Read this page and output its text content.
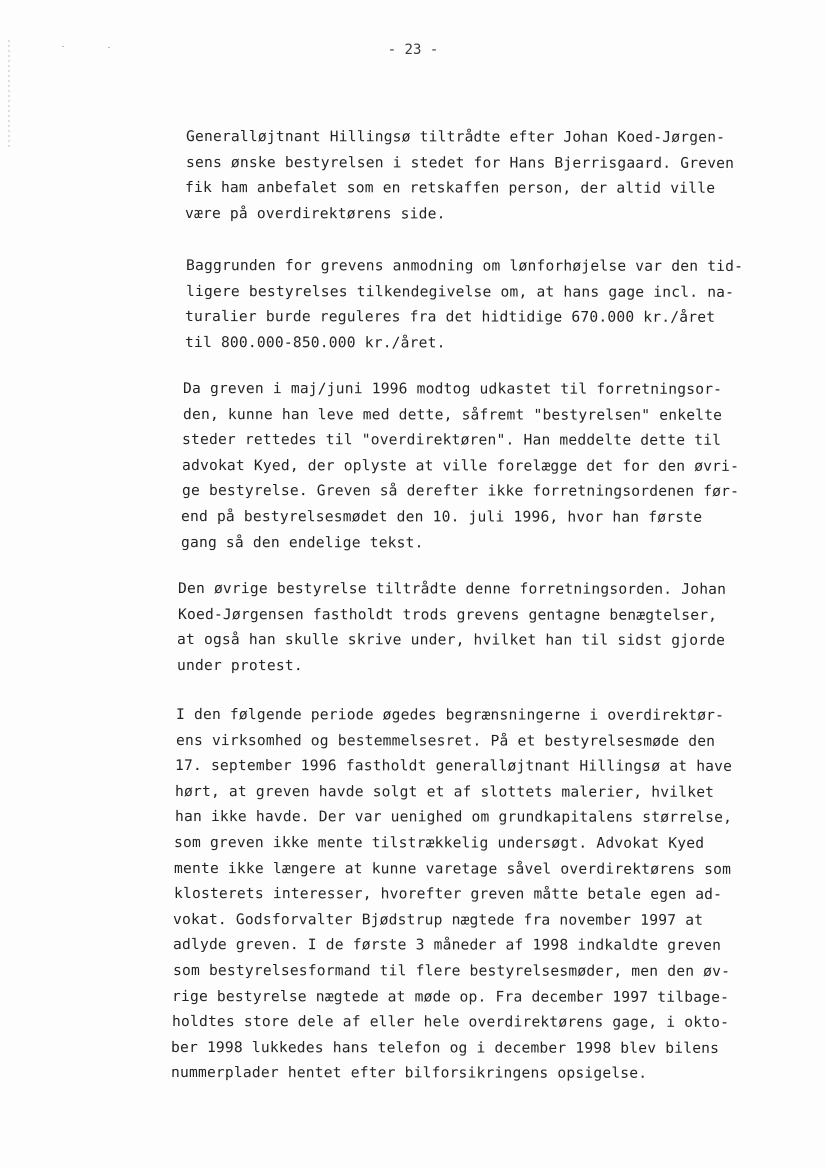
- 23 -
Generalløjtnant Hillingsø tiltrådte efter Johan Koed-Jørgen-
sens ønske bestyrelsen i stedet for Hans Bjerrisgaard. Greven
fik ham anbefalet som en retskaffen person, der altid ville
være på overdirektørens side.
Baggrunden for grevens anmodning om lønforhøjelse var den tid-
ligere bestyrelses tilkendegivelse om, at hans gage incl. na-
turalier burde reguleres fra det hidtidige 670.000 kr./året
til 800.000-850.000 kr./året.
Da greven i maj/juni 1996 modtog udkastet til forretningsor-
den, kunne han leve med dette, såfremt "bestyrelsen" enkelte
steder rettedes til "overdirektøren". Han meddelte dette til
advokat Kyed, der oplyste at ville forelægge det for den øvri-
ge bestyrelse. Greven så derefter ikke forretningsordenen før-
end på bestyrelsesmødet den 10. juli 1996, hvor han første
gang så den endelige tekst.
Den øvrige bestyrelse tiltrådte denne forretningsorden. Johan
Koed-Jørgensen fastholdt trods grevens gentagne benægtelser,
at også han skulle skrive under, hvilket han til sidst gjorde
under protest.
I den følgende periode øgedes begrænsningerne i overdirektør-
ens virksomhed og bestemmelsesret. På et bestyrelsesmøde den
17. september 1996 fastholdt generalløjtnant Hillingsø at have
hørt, at greven havde solgt et af slottets malerier, hvilket
han ikke havde. Der var uenighed om grundkapitalens størrelse,
som greven ikke mente tilstrækkelig undersøgt. Advokat Kyed
mente ikke længere at kunne varetage såvel overdirektørens som
klosterets interesser, hvorefter greven måtte betale egen ad-
vokat. Godsforvalter Bjødstrup nægtede fra november 1997 at
adlyde greven. I de første 3 måneder af 1998 indkaldte greven
som bestyrelsesformand til flere bestyrelsesmøder, men den øv-
rige bestyrelse nægtede at møde op. Fra december 1997 tilbage-
holdtes store dele af eller hele overdirektørens gage, i okto-
ber 1998 lukkedes hans telefon og i december 1998 blev bilens
nummerplader hentet efter bilforsikringens opsigelse.
